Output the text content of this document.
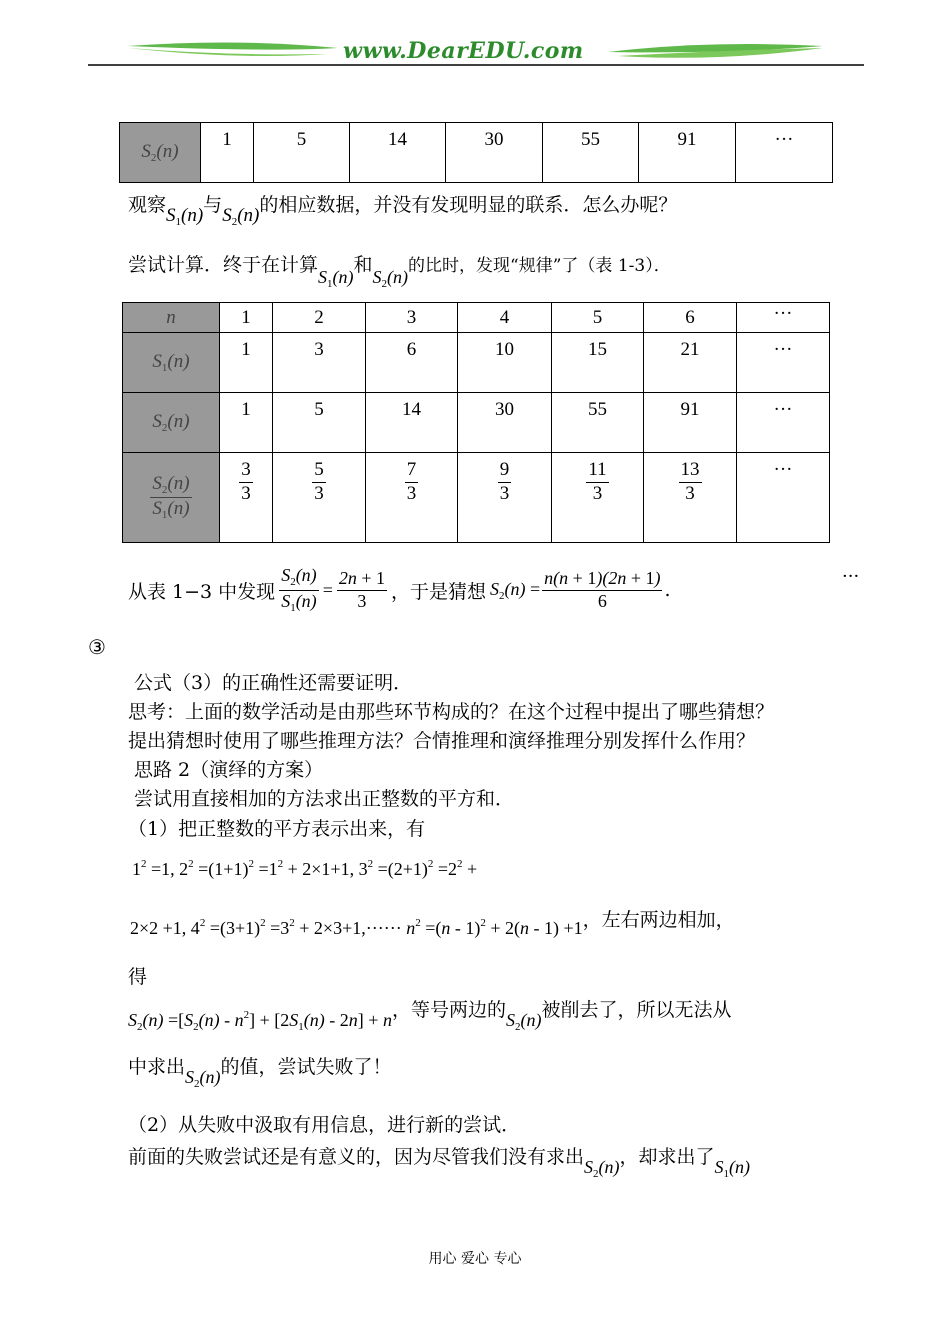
www.DearEDU.com
$S_2(n)$	1	5	14	30	55	91	···
观察$S_1(n)$与$S_2(n)$的相应数据，并没有发现明显的联系．怎么办呢？
尝试计算．终于在计算$S_1(n)$和$S_2(n)$的比时，发现“规律”了（表 1-3）．
n	1	2	3	4	5	6	···
$S_1(n)$	1	3	6	10	15	21	···
$S_2(n)$	1	5	14	30	55	91	···

$\frac{S_2(n)}{S_1(n)}$	$\frac{3}{3}$	$\frac{5}{3}$	$\frac{7}{3}$	$\frac{9}{3}$	$\frac{11}{3}$	$\frac{13}{3}$	···
从表 1−3 中发现 $\frac{S_2(n)}{S_1(n)} = \frac{2n + 1}{3}$ ，于是猜想 $S_2(n) = \frac{n(n + 1)(2n + 1)}{6}$ .
···
③
公式（3）的正确性还需要证明．
思考：上面的数学活动是由那些环节构成的？在这个过程中提出了哪些猜想？
提出猜想时使用了哪些推理方法？合情推理和演绎推理分别发挥什么作用？
思路 2（演绎的方案）
尝试用直接相加的方法求出正整数的平方和．
（1）把正整数的平方表示出来，有
$1^2 =1$, $2^2 =(1+1)^2 =1^2 + 2\times 1+1$, $3^2 =(2+1)^2 =2^2$ +
2×2 +1, $4^2 =(3+1)^2 =3^2 + 2\times 3+1,\cdot\cdot\cdot\cdot\cdot\cdot n^2 =(n - 1)^2 + 2(n - 1) +1$，左右两边相加，
得
$S_2(n) =[S_2(n) - n^2] + [2S_1(n) - 2n] + n$，等号两边的$S_2(n)$被削去了，所以无法从
中求出$S_2(n)$的值，尝试失败了！
（2）从失败中汲取有用信息，进行新的尝试．
前面的失败尝试还是有意义的，因为尽管我们没有求出$S_2(n)$，却求出了$S_1(n)$
用心 爱心 专心
